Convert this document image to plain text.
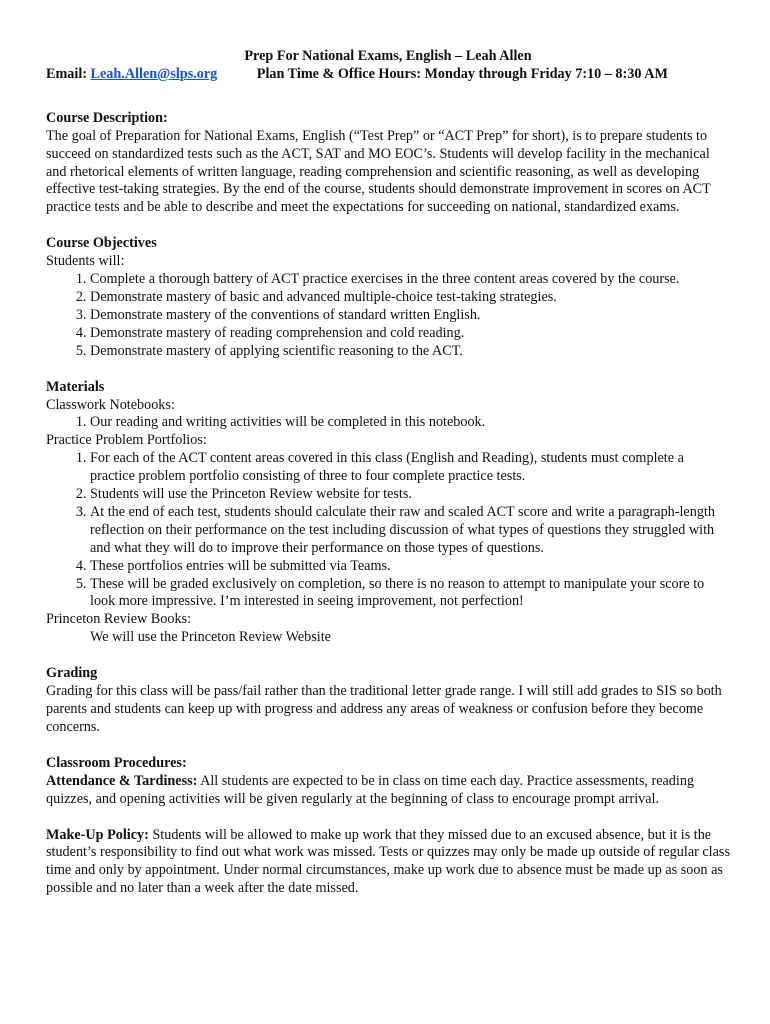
Prep For National Exams, English – Leah Allen

Email: Leah.Allen@slps.org	Plan Time & Office Hours: Monday through Friday 7:10 – 8:30 AM

Course Description:

The goal of Preparation for National Exams, English (“Test Prep” or “ACT Prep” for short), is to prepare students to succeed on standardized tests such as the ACT, SAT and MO EOC’s. Students will develop facility in the mechanical and rhetorical elements of written language, reading comprehension and scientific reasoning, as well as developing effective test-taking strategies. By the end of the course, students should demonstrate improvement in scores on ACT practice tests and be able to describe and meet the expectations for succeeding on national, standardized exams.

Course Objectives

Students will:

1. Complete a thorough battery of ACT practice exercises in the three content areas covered by the course.
2. Demonstrate mastery of basic and advanced multiple-choice test-taking strategies.
3. Demonstrate mastery of the conventions of standard written English.
4. Demonstrate mastery of reading comprehension and cold reading.
5. Demonstrate mastery of applying scientific reasoning to the ACT.

Materials

Classwork Notebooks:

1. Our reading and writing activities will be completed in this notebook.

Practice Problem Portfolios:

1. For each of the ACT content areas covered in this class (English and Reading), students must complete a practice problem portfolio consisting of three to four complete practice tests.
2. Students will use the Princeton Review website for tests.
3. At the end of each test, students should calculate their raw and scaled ACT score and write a paragraph-length reflection on their performance on the test including discussion of what types of questions they struggled with and what they will do to improve their performance on those types of questions.
4. These portfolios entries will be submitted via Teams.
5. These will be graded exclusively on completion, so there is no reason to attempt to manipulate your score to look more impressive. I’m interested in seeing improvement, not perfection!

Princeton Review Books:

We will use the Princeton Review Website

Grading

Grading for this class will be pass/fail rather than the traditional letter grade range. I will still add grades to SIS so both parents and students can keep up with progress and address any areas of weakness or confusion before they become concerns.

Classroom Procedures:

Attendance & Tardiness: All students are expected to be in class on time each day. Practice assessments, reading quizzes, and opening activities will be given regularly at the beginning of class to encourage prompt arrival.

Make-Up Policy: Students will be allowed to make up work that they missed due to an excused absence, but it is the student’s responsibility to find out what work was missed. Tests or quizzes may only be made up outside of regular class time and only by appointment. Under normal circumstances, make up work due to absence must be made up as soon as possible and no later than a week after the date missed.
